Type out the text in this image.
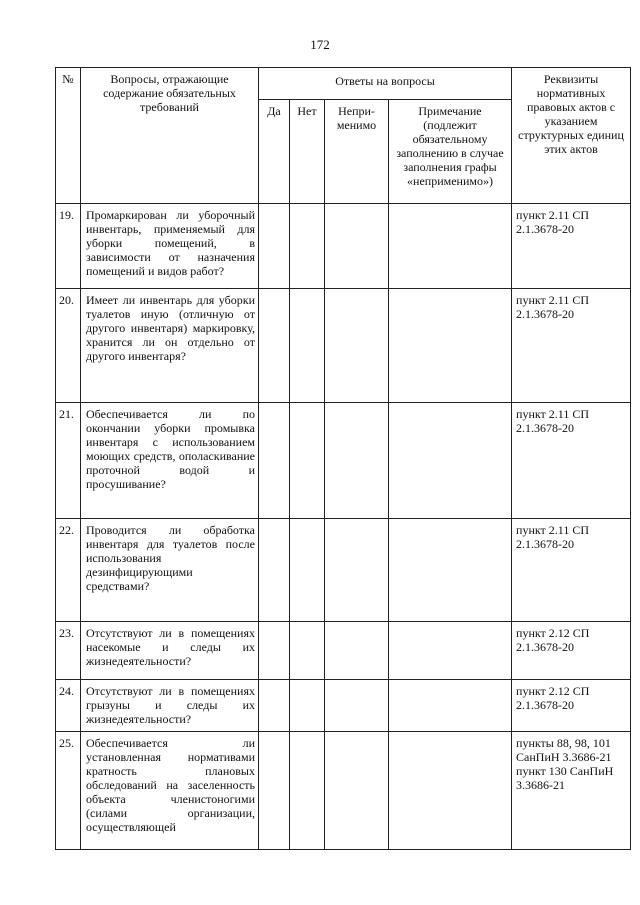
172
№	Вопросы, отражающие содержание обязательных требований	Ответы на вопросы				Реквизиты нормативных правовых актов с указанием структурных единиц этих актов
		Да	Нет	Непри-менимо	Примечание (подлежит обязательному заполнению в случае заполнения графы «неприменимо»)	
19.	Промаркирован ли уборочный инвентарь, применяемый для уборки помещений, в зависимости от назначения помещений и видов работ?					пункт 2.11 СП 2.1.3678-20
20.	Имеет ли инвентарь для уборки туалетов иную (отличную от другого инвентаря) маркировку, хранится ли он отдельно от другого инвентаря?					пункт 2.11 СП 2.1.3678-20
21.	Обеспечивается ли по окончании уборки промывка инвентаря с использованием моющих средств, ополаскивание проточной водой и просушивание?					пункт 2.11 СП 2.1.3678-20
22.	Проводится ли обработка инвентаря для туалетов после использования дезинфицирующими средствами?					пункт 2.11 СП 2.1.3678-20
23.	Отсутствуют ли в помещениях насекомые и следы их жизнедеятельности?					пункт 2.12 СП 2.1.3678-20
24.	Отсутствуют ли в помещениях грызуны и следы их жизнедеятельности?					пункт 2.12 СП 2.1.3678-20
25.	Обеспечивается ли установленная нормативами кратность плановых обследований на заселенность объекта членистоногими (силами организации, осуществляющей					пункты 88, 98, 101 СанПиН 3.3686-21 пункт 130 СанПиН 3.3686-21
